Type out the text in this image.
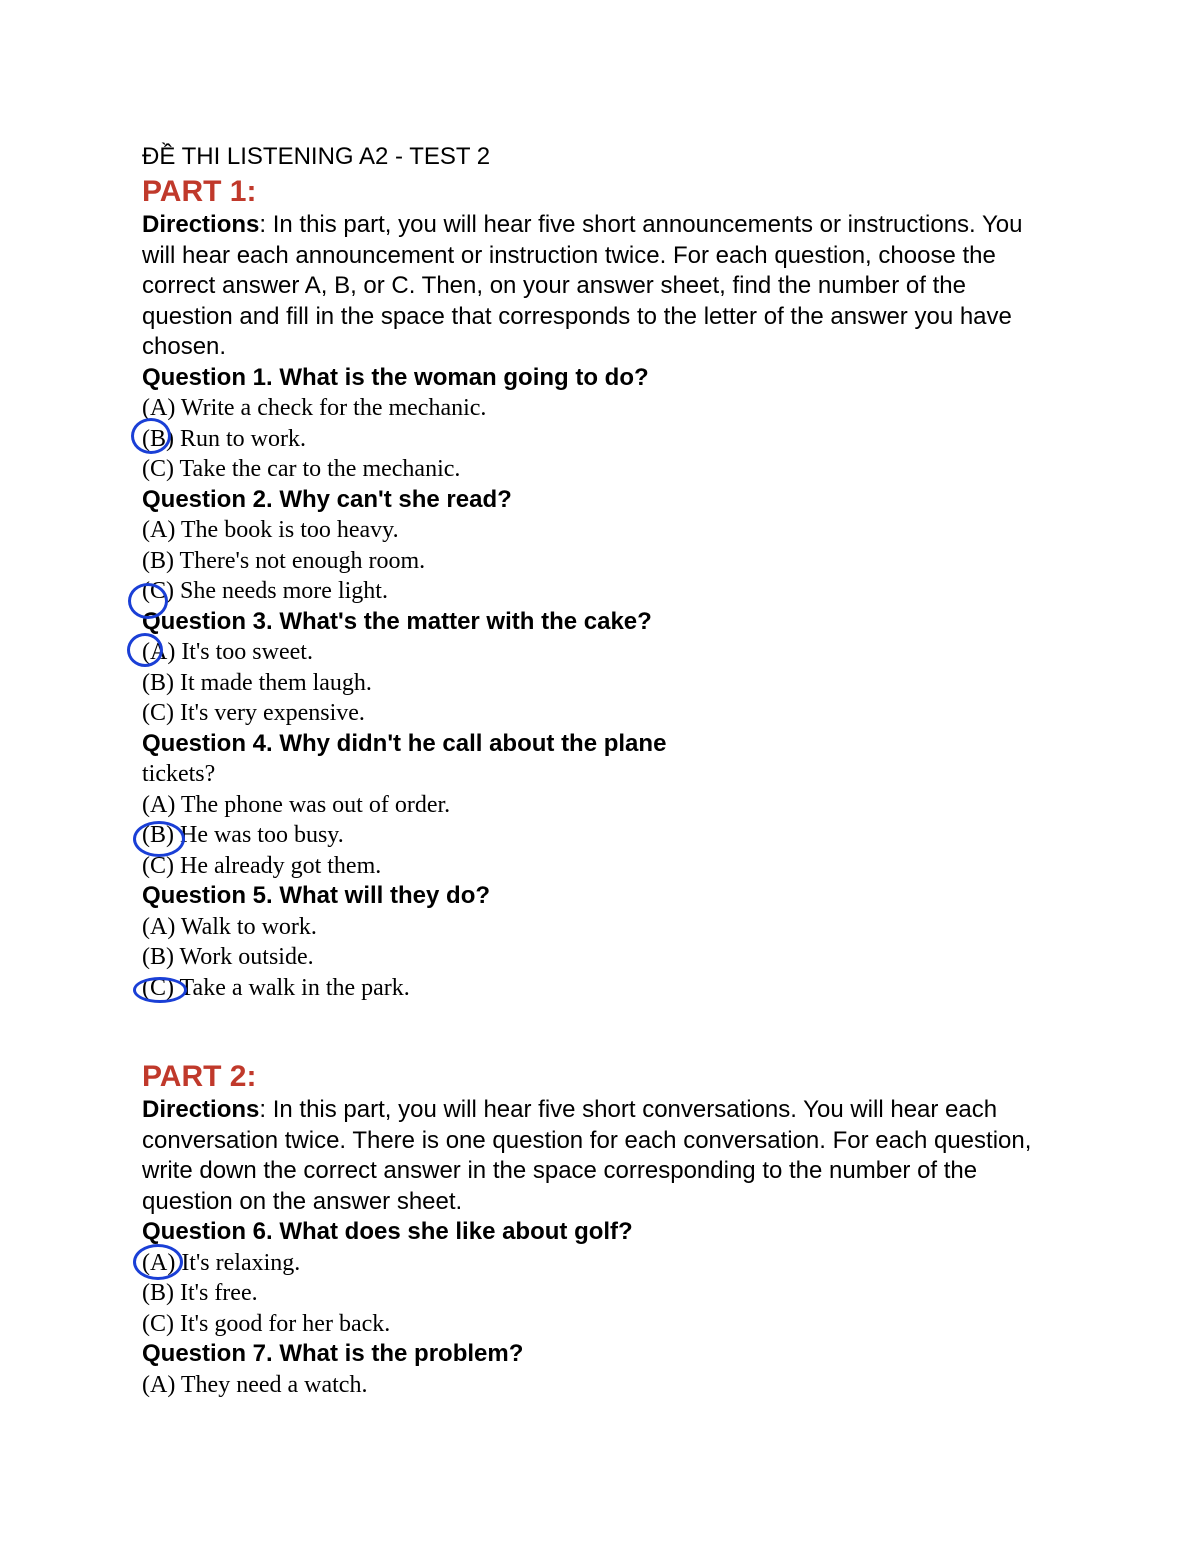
ĐỀ THI LISTENING A2 - TEST 2
PART 1:

Directions: In this part, you will hear five short announcements or instructions. You will hear each announcement or instruction twice. For each question, choose the correct answer A, B, or C. Then, on your answer sheet, find the number of the question and fill in the space that corresponds to the letter of the answer you have chosen.

Question 1. What is the woman going to do?
(A) Write a check for the mechanic.
(B) Run to work.
(C) Take the car to the mechanic.
Question 2. Why can't she read?
(A) The book is too heavy.
(B) There's not enough room.
(C) She needs more light.
Question 3. What's the matter with the cake?
(A) It's too sweet.
(B) It made them laugh.
(C) It's very expensive.
Question 4. Why didn't he call about the plane
tickets?
(A) The phone was out of order.
(B) He was too busy.
(C) He already got them.
Question 5. What will they do?
(A) Walk to work.
(B) Work outside.
(C) Take a walk in the park.
PART 2:

Directions: In this part, you will hear five short conversations. You will hear each conversation twice. There is one question for each conversation. For each question, write down the correct answer in the space corresponding to the number of the question on the answer sheet.

Question 6. What does she like about golf?
(A) It's relaxing.
(B) It's free.
(C) It's good for her back.
Question 7. What is the problem?
(A) They need a watch.
